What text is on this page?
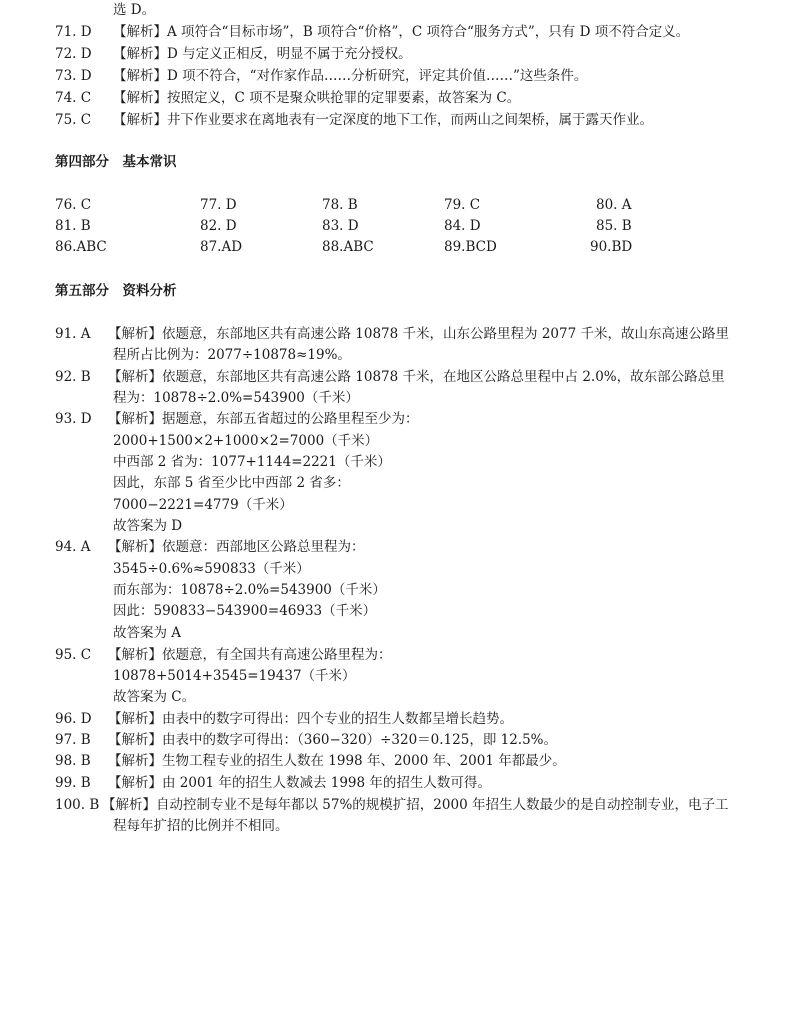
选 D。
71. D 【解析】A 项符合“目标市场”，B 项符合“价格”，C 项符合“服务方式”，只有 D 项不符合定义。
72. D 【解析】D 与定义正相反，明显不属于充分授权。
73. D 【解析】D 项不符合，“对作家作品……分析研究，评定其价值……”这些条件。
74. C 【解析】按照定义，C 项不是聚众哄抢罪的定罪要素，故答案为 C。
75. C 【解析】井下作业要求在离地表有一定深度的地下工作，而两山之间架桥，属于露天作业。
第四部分　基本常识
76. C	77. D	78. B	79. C	80. A
81. B	82. D	83. D	84. D	85. B
86.ABC	87.AD	88.ABC	89.BCD	90.BD
第五部分　资料分析
91. A 【解析】依题意，东部地区共有高速公路 10878 千米，山东公路里程为 2077 千米，故山东高速公路里
程所占比例为：2077÷10878≈19%。
92. B 【解析】依题意，东部地区共有高速公路 10878 千米，在地区公路总里程中占 2.0%，故东部公路总里
程为：10878÷2.0%=543900（千米）
93. D 【解析】据题意，东部五省超过的公路里程至少为：
2000+1500×2+1000×2=7000（千米）
中西部 2 省为：1077+1144=2221（千米）
因此，东部 5 省至少比中西部 2 省多：
7000−2221=4779（千米）
故答案为 D
94. A 【解析】依题意：西部地区公路总里程为：
3545÷0.6%≈590833（千米）
而东部为：10878÷2.0%=543900（千米）
因此：590833−543900=46933（千米）
故答案为 A
95. C 【解析】依题意，有全国共有高速公路里程为：
10878+5014+3545=19437（千米）
故答案为 C。
96. D 【解析】由表中的数字可得出：四个专业的招生人数都呈增长趋势。
97. B 【解析】由表中的数字可得出：（360−320）÷320＝0.125，即 12.5%。
98. B 【解析】生物工程专业的招生人数在 1998 年、2000 年、2001 年都最少。
99. B 【解析】由 2001 年的招生人数减去 1998 年的招生人数可得。
100. B 【解析】自动控制专业不是每年都以 57%的规模扩招，2000 年招生人数最少的是自动控制专业，电子工
程每年扩招的比例并不相同。
